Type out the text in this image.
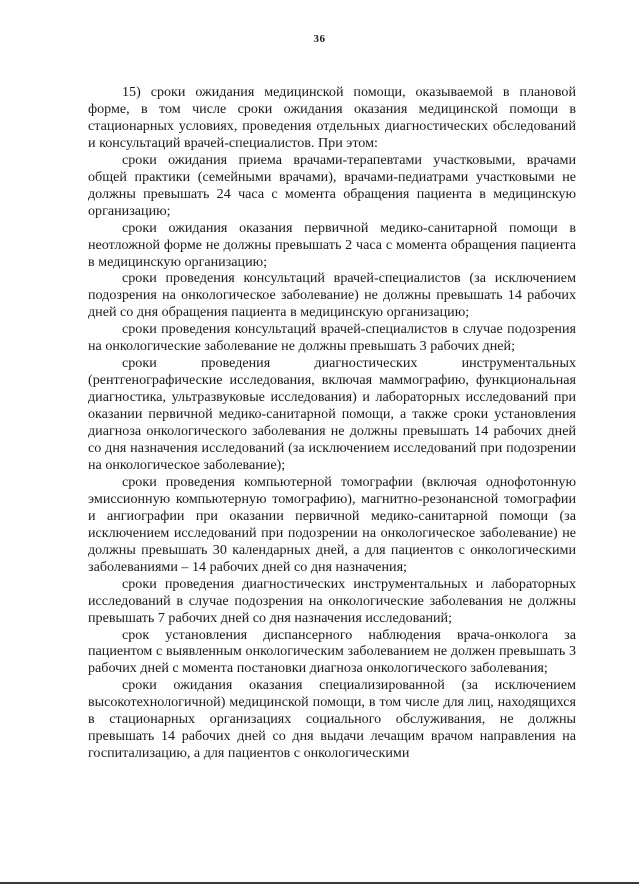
36

15) сроки ожидания медицинской помощи, оказываемой в плановой форме, в том числе сроки ожидания оказания медицинской помощи в стационарных условиях, проведения отдельных диагностических обследований и консультаций врачей-специалистов. При этом:

сроки ожидания приема врачами-терапевтами участковыми, врачами общей практики (семейными врачами), врачами-педиатрами участковыми не должны превышать 24 часа с момента обращения пациента в медицинскую организацию;

сроки ожидания оказания первичной медико-санитарной помощи в неотложной форме не должны превышать 2 часа с момента обращения пациента в медицинскую организацию;

сроки проведения консультаций врачей-специалистов (за исключением подозрения на онкологическое заболевание) не должны превышать 14 рабочих дней со дня обращения пациента в медицинскую организацию;

сроки проведения консультаций врачей-специалистов в случае подозрения на онкологические заболевание не должны превышать 3 рабочих дней;

сроки проведения диагностических инструментальных (рентгенографические исследования, включая маммографию, функциональная диагностика, ультразвуковые исследования) и лабораторных исследований при оказании первичной медико-санитарной помощи, а также сроки установления диагноза онкологического заболевания не должны превышать 14 рабочих дней со дня назначения исследований (за исключением исследований при подозрении на онкологическое заболевание);

сроки проведения компьютерной томографии (включая однофотонную эмиссионную компьютерную томографию), магнитно-резонансной томографии и ангиографии при оказании первичной медико-санитарной помощи (за исключением исследований при подозрении на онкологическое заболевание) не должны превышать 30 календарных дней, а для пациентов с онкологическими заболеваниями – 14 рабочих дней со дня назначения;

сроки проведения диагностических инструментальных и лабораторных исследований в случае подозрения на онкологические заболевания не должны превышать 7 рабочих дней со дня назначения исследований;

срок установления диспансерного наблюдения врача-онколога за пациентом с выявленным онкологическим заболеванием не должен превышать 3 рабочих дней с момента постановки диагноза онкологического заболевания;

сроки ожидания оказания специализированной (за исключением высокотехнологичной) медицинской помощи, в том числе для лиц, находящихся в стационарных организациях социального обслуживания, не должны превышать 14 рабочих дней со дня выдачи лечащим врачом направления на госпитализацию, а для пациентов с онкологическими
